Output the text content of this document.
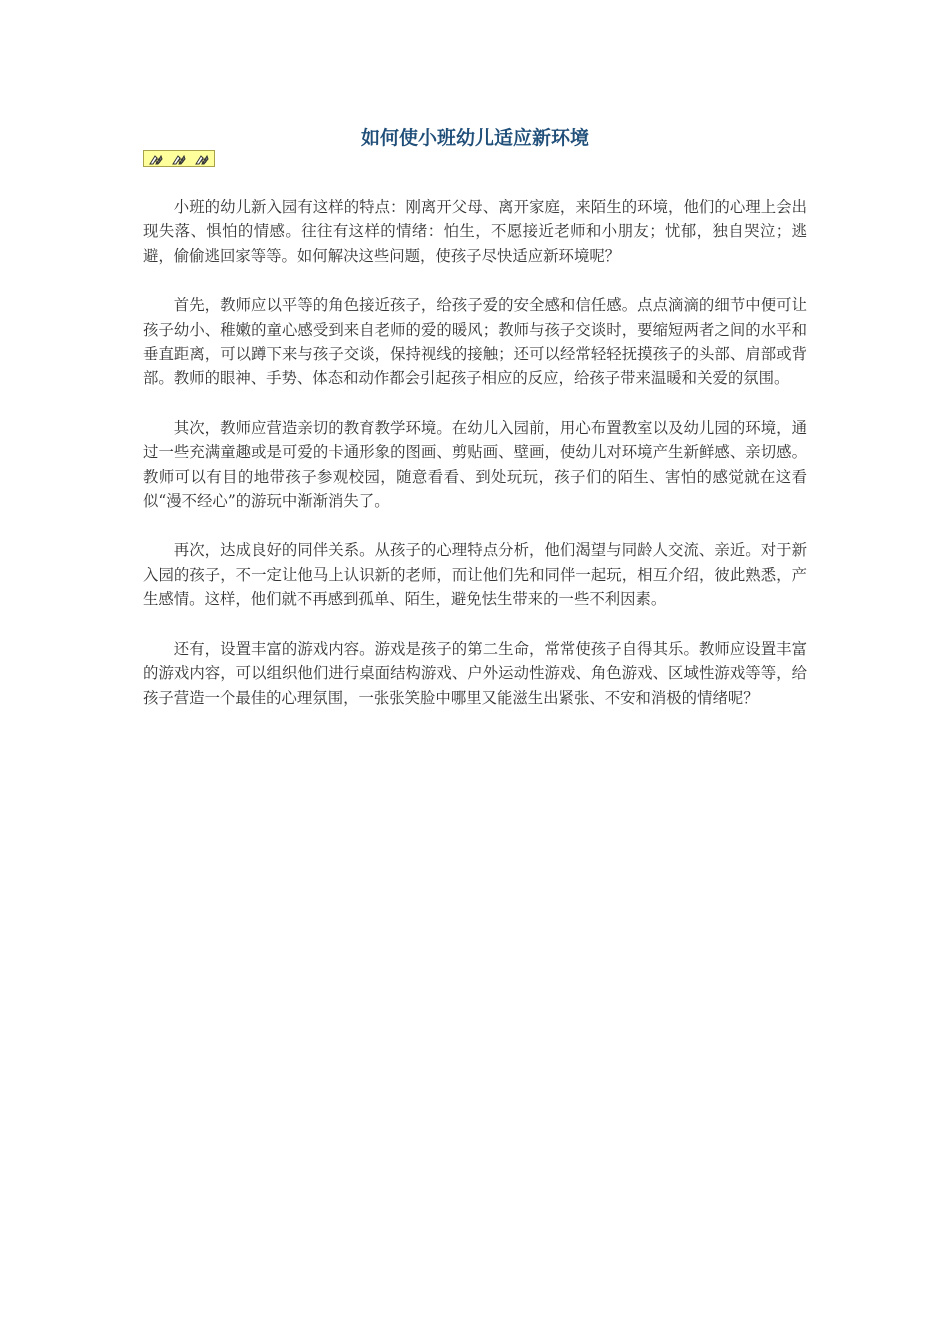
如何使小班幼儿适应新环境

小班的幼儿新入园有这样的特点：刚离开父母、离开家庭，来陌生的环境，他们的心理上会出现失落、惧怕的情感。往往有这样的情绪：怕生，不愿接近老师和小朋友；忧郁，独自哭泣；逃避，偷偷逃回家等等。如何解决这些问题，使孩子尽快适应新环境呢？

首先，教师应以平等的角色接近孩子，给孩子爱的安全感和信任感。点点滴滴的细节中便可让孩子幼小、稚嫩的童心感受到来自老师的爱的暖风；教师与孩子交谈时，要缩短两者之间的水平和垂直距离，可以蹲下来与孩子交谈，保持视线的接触；还可以经常轻轻抚摸孩子的头部、肩部或背部。教师的眼神、手势、体态和动作都会引起孩子相应的反应，给孩子带来温暖和关爱的氛围。

其次，教师应营造亲切的教育教学环境。在幼儿入园前，用心布置教室以及幼儿园的环境，通过一些充满童趣或是可爱的卡通形象的图画、剪贴画、壁画，使幼儿对环境产生新鲜感、亲切感。教师可以有目的地带孩子参观校园，随意看看、到处玩玩，孩子们的陌生、害怕的感觉就在这看似“漫不经心”的游玩中渐渐消失了。

再次，达成良好的同伴关系。从孩子的心理特点分析，他们渴望与同龄人交流、亲近。对于新入园的孩子，不一定让他马上认识新的老师，而让他们先和同伴一起玩，相互介绍，彼此熟悉，产生感情。这样，他们就不再感到孤单、陌生，避免怯生带来的一些不利因素。

还有，设置丰富的游戏内容。游戏是孩子的第二生命，常常使孩子自得其乐。教师应设置丰富的游戏内容，可以组织他们进行桌面结构游戏、户外运动性游戏、角色游戏、区域性游戏等等，给孩子营造一个最佳的心理氛围，一张张笑脸中哪里又能滋生出紧张、不安和消极的情绪呢？
